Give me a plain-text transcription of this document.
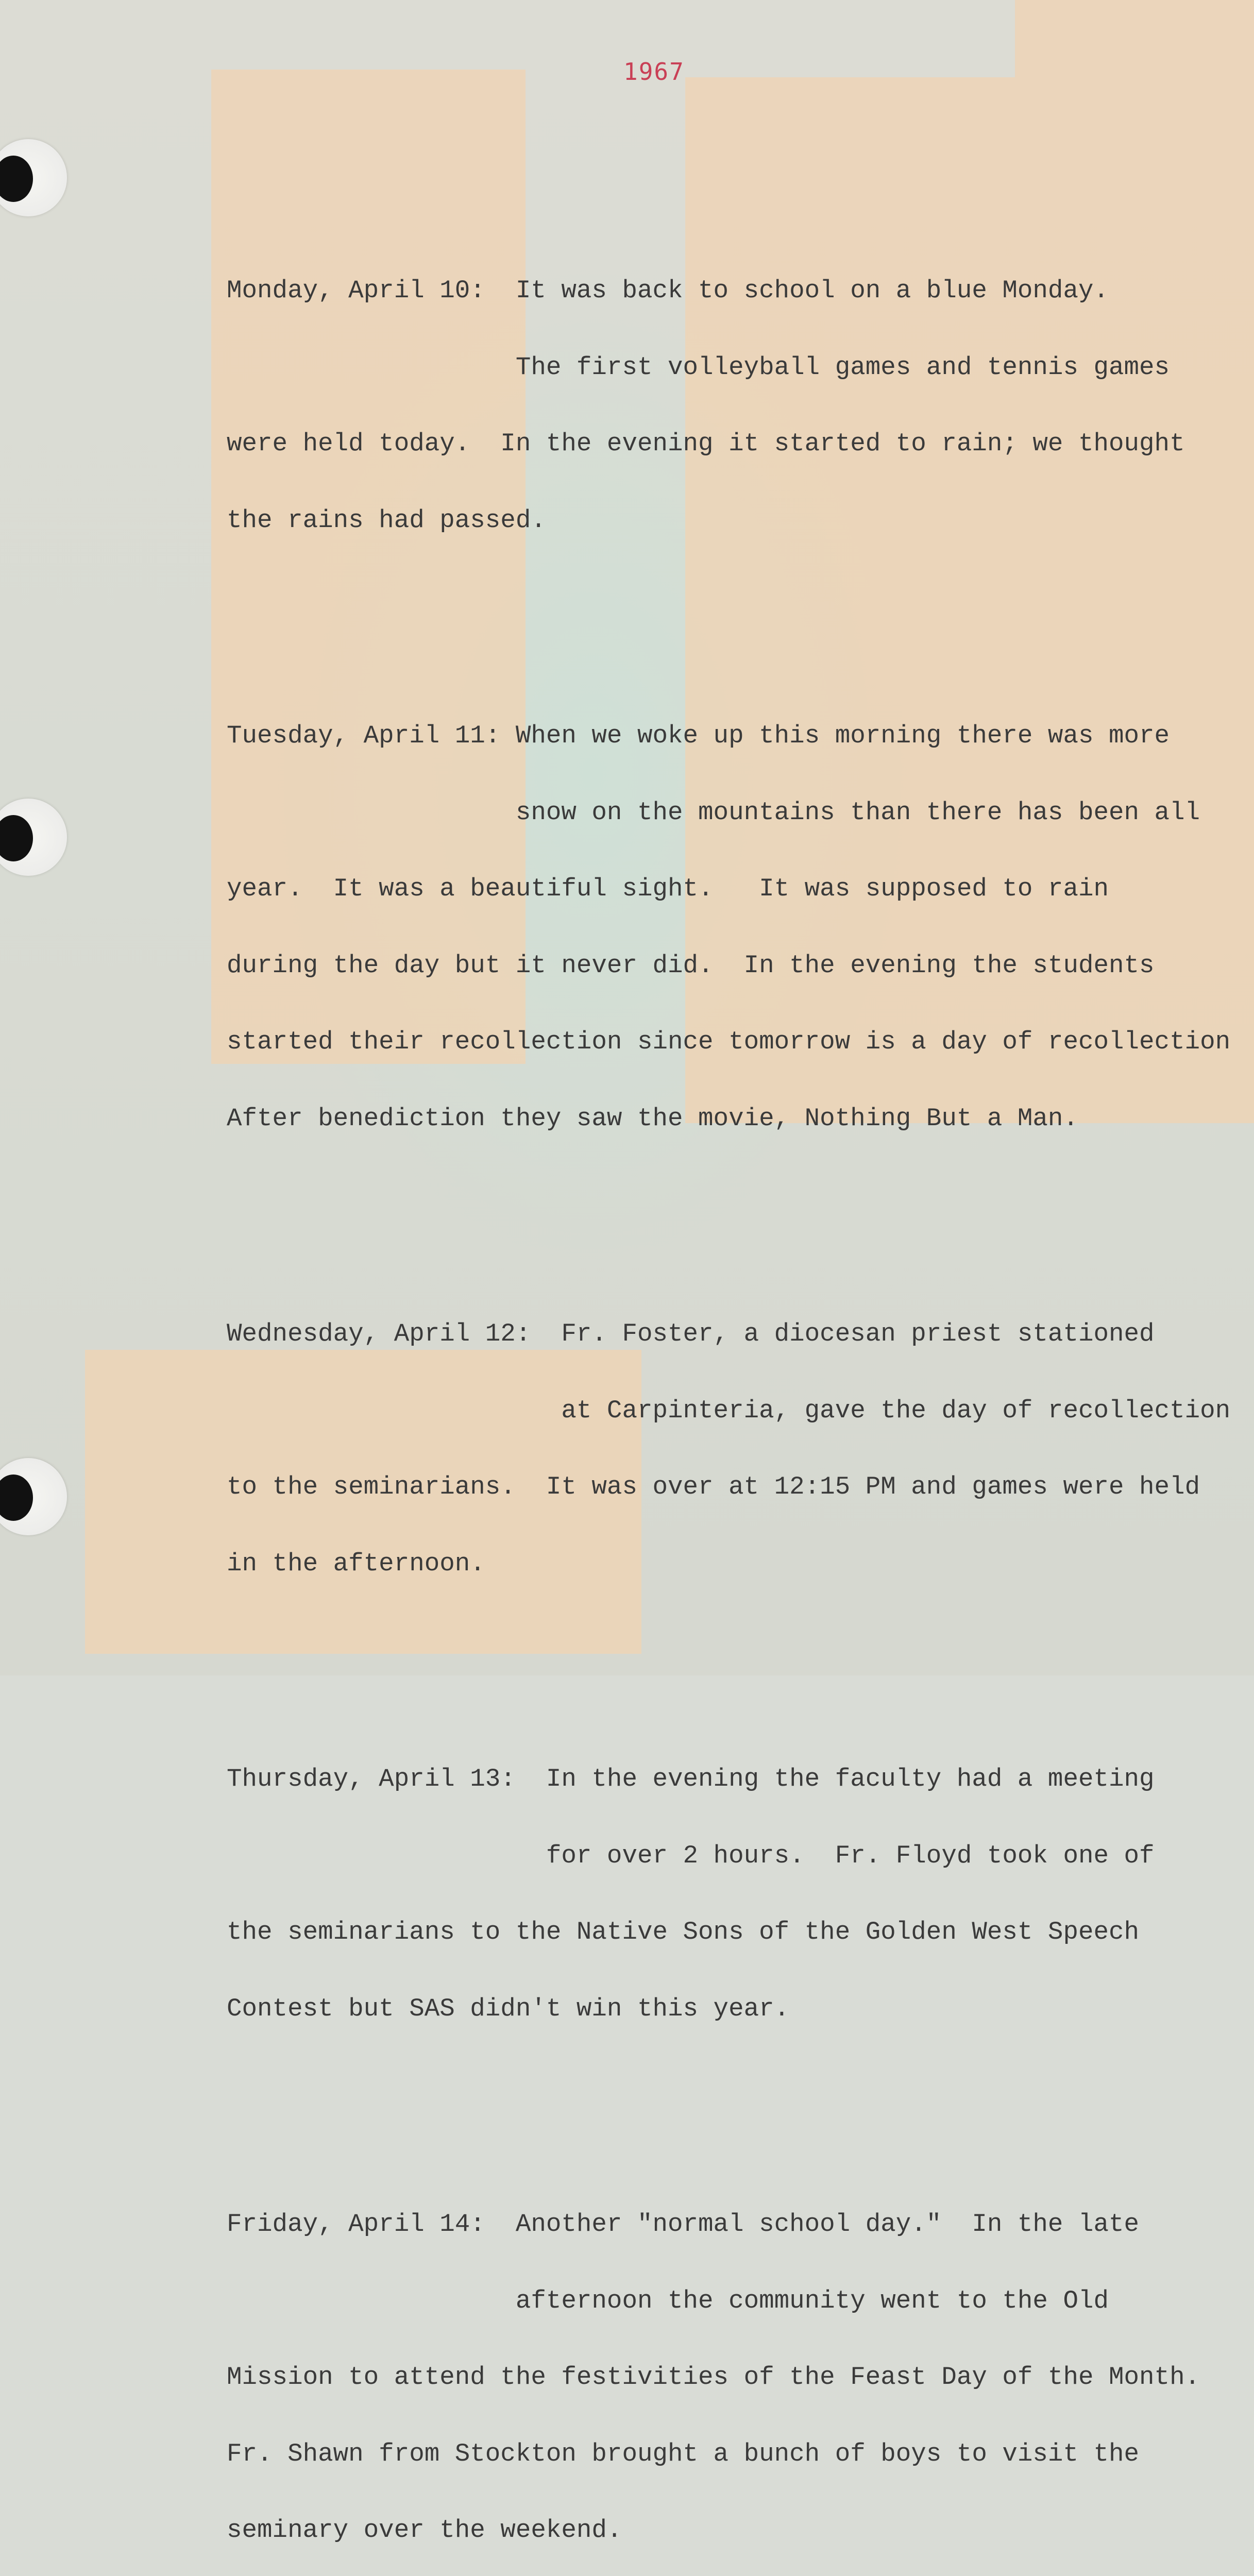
1967

Monday, April 10:  It was back to school on a blue Monday.

The first volleyball games and tennis games

were held today.  In the evening it started to rain; we thought

the rains had passed.

Tuesday, April 11: When we woke up this morning there was more

snow on the mountains than there has been all

year.  It was a beautiful sight.   It was supposed to rain

during the day but it never did.  In the evening the students

started their recollection since tomorrow is a day of recollection

After benediction they saw the movie, Nothing But a Man.

Wednesday, April 12:  Fr. Foster, a diocesan priest stationed

at Carpinteria, gave the day of recollection

to the seminarians.  It was over at 12:15 PM and games were held

in the afternoon.

Thursday, April 13:  In the evening the faculty had a meeting

for over 2 hours.  Fr. Floyd took one of

the seminarians to the Native Sons of the Golden West Speech

Contest but SAS didn't win this year.

Friday, April 14:  Another "normal school day."  In the late

afternoon the community went to the Old

Mission to attend the festivities of the Feast Day of the Month.

Fr. Shawn from Stockton brought a bunch of boys to visit the

seminary over the weekend.
